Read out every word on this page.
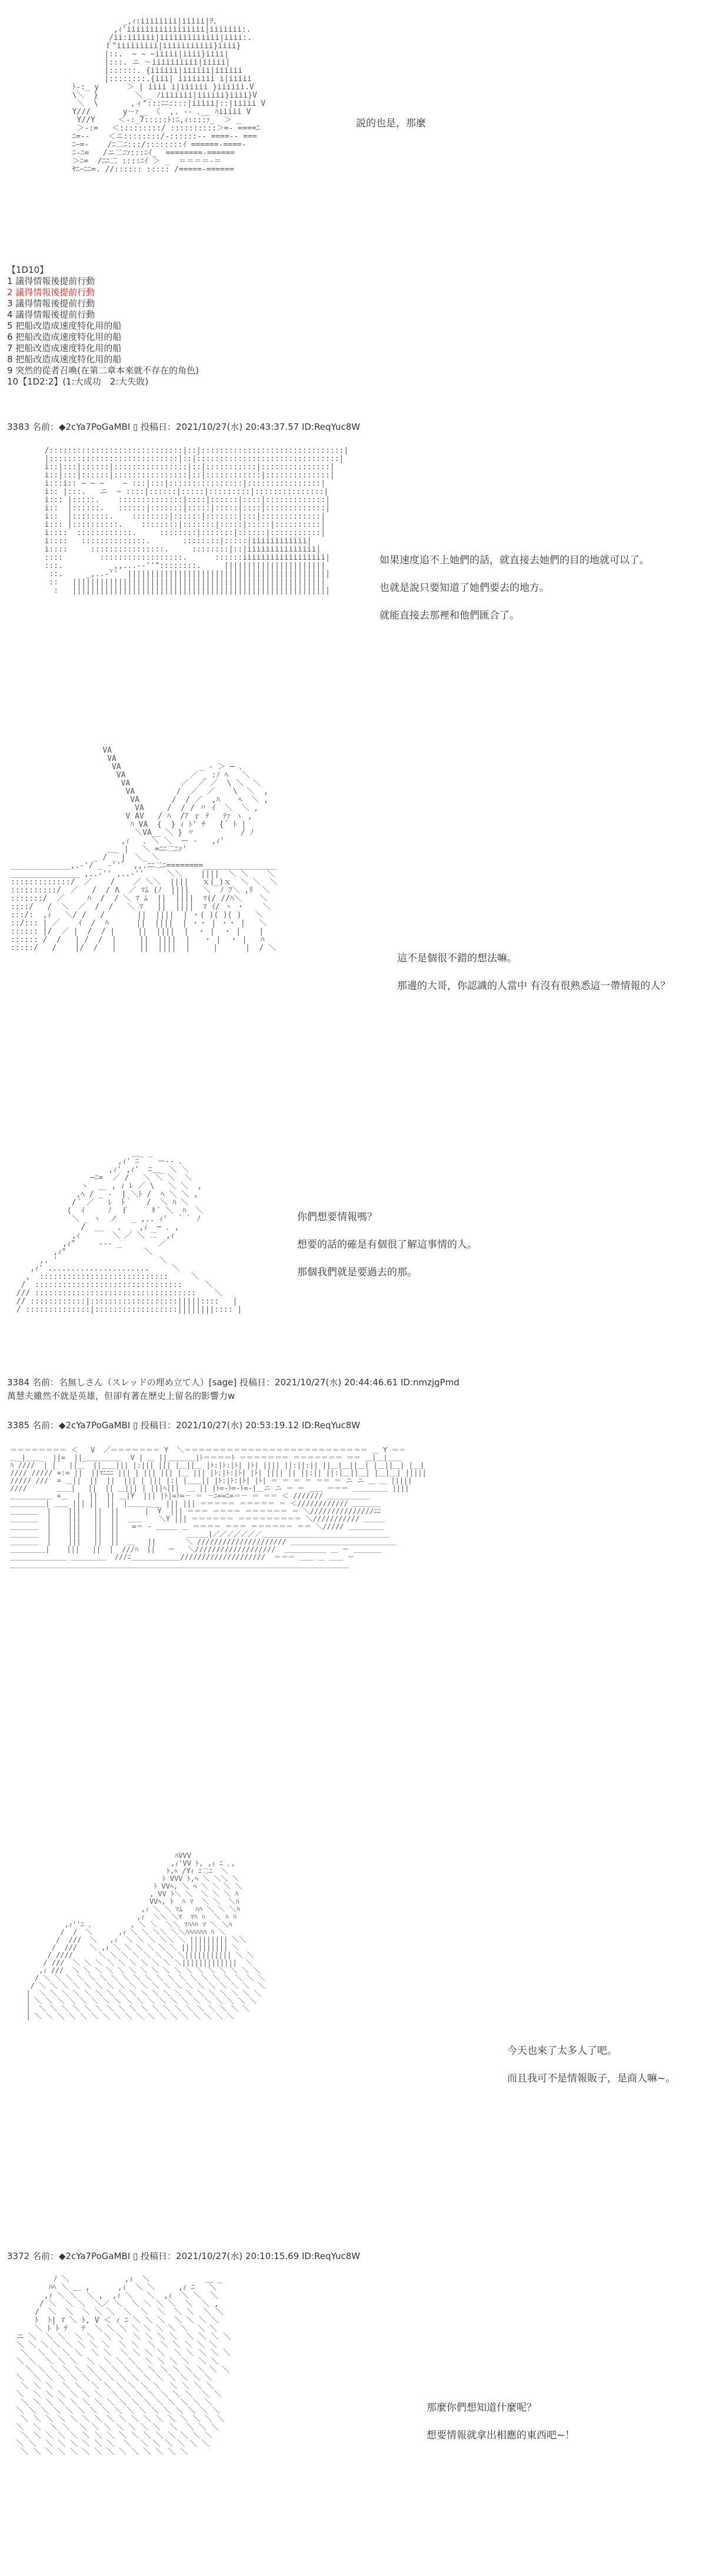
_,ｨ:iiiiiiii|iiiii|ｦ、
,ｨ'iiiiiiiiiiiiiiiii|iiiiiii:.
/ii:iiiiii|iiiiiiiiiiiii|iiii:.
ｆ"iiiiiiiii|iiiiiiiiiii}iiii}
|::.  ~ ~ ~iiiii|iiii}iiii|
|:::. ニ ～iiiiiiiiii|iiiii|
|::::::. {iiiiii|iiiiii|iiiiii
|::::::::.{iii| iiiiiiii i|iiiii
ﾄ-:_ y      ＞ | iiii i|iiiiii }iiiiii.V
\＼  }        ＼ _ ﾉiiiiiii|iiiiii}iiii}V
＼  \       ,ィ":::ﾆﾆ::::|iiiii|::|iiiii V
Y///       y－ｧ__ 《  ,. ‐- ､__ ﾊiiiii V
Y//Y     ＜-:_7:::::ﾄ:ﾆ,ｨ::::ｧ_  ＞ _
＞-:=   ＜:::::::::/ ::::::::::＞=- ====ﾆ
ﾆ=--    ＜ニ::::::::/-::::::-- ====-- ===
ﾆｰ=-    /ﾆ二ﾆ:::/::::::::ｲ ======-====-
ﾆ-ﾆ=   /ニ二ﾆｧ:::ﾆｲ_  ========-======
＞ﾆ=  /ﾆﾆ二 ::::ﾆｲ ＞ _  ＝＝＝＝-＝
ﾔﾆｰﾆﾆ=. //:::::: ::::: /=====-======

説的也是，那麼
【1D10】
1 議得情報後提前行動
2 議得情報後提前行動
3 議得情報後提前行動
4 議得情報後提前行動
5 把船改造成速度特化用的船
6 把船改造成速度特化用的船
7 把船改造成速度特化用的船
8 把船改造成速度特化用的船
9 突然的從者召喚(在第二章本來就不存在的角色)
10【1D2:2】(1:大成功　2:大失敗)
3383 名前：◆2cYa7PoGaMBI ▯ 投稿日：2021/10/27(水) 20:43:37.57 ID:ReqYuc8W
/:::::::::::::::::::::::::::::|::|:::::::::::::::::::::::::::::::|
|::::::::::::::::::::::::::::|::|:::::::::::::::::::::::::::::::|
i::|:::|::::::|::::::::::::::::|::|:::::::::::|:::::::::::::::|
i::|:::|::::::|::::::::::::::::|::|::::::::::::|::::::::::::::|
i:::i:: ~ ~ ~    ~ :::|:::|::::::::::::::::|::::::::::::::::|
i:: |:::.   ニ  ~ ::::|::::::|:::::|:::::::::|:::::::::::::::|
i::: |:::::.    ::::::::::::::|::::|::::::|::::|:::::::::::::|
i::  |::::::.   ::::::|:::::::|:::::|:::::|::::|:::::::::::::|
i::  |::::::::.    ::::::::|::::::|:::::::|:::|:::::::::::::|
i::: |::::::::::.    ::::::::|:::::::|:::::|:::::|::::::::::|
i::::  ::::::::::::.     ::::::::|:::::::|::::::|:::::::::::|
i::::   ::::::::::::::.       ::::::::|:::::|iiiiiiiiiiii|
i::::     ::::::::::::::::.     ::::::::|::|iiiiiiiiiiiiiii|
::::        ::::::::::::::::::.      ::::::iiiiiiiiiiiiiiiiii|
:::.          _,,...-‐''"::::::::.     ||||||||||||||||||||||
::.     _,..-''  ||||||||||||||||||||||||||||||||||||||||||||
::   |||||||||||||||||||||||||||||||||||||||||||||||||||||||
:   ||||||||||||||||||||||||||||||||||||||||||||||||||||||||

如果速度追不上她們的話，就直接去她們的目的地就可以了。
也就是說只要知道了她們要去的地方。
就能直接去那裡和他們匯合了。
VA
VA
VA                 _ - ＞ ─ ､
VA              ／ _ :ﾉ ﾍ   ＼
VA           ／  ／ ／  \ ＼  ＼
VA         /  ／  ／    \  ＼  ,
VA       /  / ／  ,ﾊ    ﾍ  ＼ ,
VA     /  / / 〃 ｲ  ＼  ＼ ,
V AV   / ﾊ  /ｱ ｒ ﾃ   ﾃｧ ヽ ,
ﾊ VA  {  } ｨ ﾄ' ﾁ   {´ ﾄ |
＼VA__ ＼ } 〃          / ﾉ
,ｨ   ､ ＼ ＼  ー -   ,ｨ'
＿_ |   ＼ =ﾆﾆ二ﾆｧ'
_ / _ |  ＼_ ＼
_____________,.‐'/ _ -''゛ ,,.ﾆﾆ二ﾆ========________________
_______________ ,..-'' ,..-''     ＼＼    ||||  ＼ ＼    ＼
:::::::::::::/  ／    /    ／ ＼＼  ||||   ｘ(_)ｘ  ＼ ＼  ＼
::::::::::/  ／   /  / Λ  ／ ﾏﾑ (ﾉ  ||||   ＼  ﾉ ﾌ＼ ,ﾘ  ＼
:::::::/  ／     ﾊ  /  / ＼ ﾏ ﾑ  ||  ||||  ﾏ(/ //ﾊ＼    ＼
::::/   /  ＼  ／  /  /   ＼ ﾏ   ||  ||||  ﾏ ｲ/ ヽ ・    ＼
:::/:  ,ｨ   ＼/ /   /       ||  ||||  | ・( )( )( )   ＼
::/::: | ／    ｲ  /  ﾊ      ||  ||||  | ・・ | ・・ |   ＼
:::::: |/  ／ |  /  / |     ||  ||||  |  ・ |  ・ |    |
:::::: /  /   | /  /  |     ||  ||||  |   ・ |  ・ |   ﾊ
:::::/   /    |/  /   |     ||  ||||  |     |      |  / ＼

這不是個很不錯的想法嘛。
那邊的大哥，你認識的人當中 有沒有很熟悉這一帶情報的人？
＿_ _
,ｨ' ﾆ    ー‐- ､
,ｨ' ,ｨ'  ﾆ＿_ ＼ ＼
─ﾆ=  ／ /   ＼ ＼ ＼  ＼
ヽ  __ , ｨ ﾚ ／ \   ＼ ＼  ,
,ﾍ / _ ‐  | ＼ﾄ /  ﾍ ＼ ＼ ,
/ ﾟ ／   ﾚ  ﾄ｀   /  ＼ ﾊ ＼
(  ｲ     ﾉ  ｆ     ﾀ ﾞ ＼  ﾊ  ＼
＼ _ ヽ  ノ   _ ,.. ｨ'  ｀｀ ﾉ
/  __   、   ,ｨ  ─ ､ ,
,ｨ       ＼ ／ ＼ 二  ,ｨ
,ｨ"     --- _        ／
,ｨ"                 ＼
,. '                      ＼
,ｨ' ......................     ＼
,  ::::::::::::::::::::::::::::     ＼
/  ::::::::::::::::::::::::::::::::     ＼
/// :::::::::::::::::::::::::::::::::::    ＼
// ::::::::::::|:::::::::::::::::::|||||::::   |
/ ::::::::::::::|::::::::::::::::::||||||||:::: |

你們想要情報嗎？
想要的話的確是有個很了解這事情的人。
那個我們就是要過去的那。
3384 名前：名無しさん（スレッドの埋め立て人）[sage] 投稿日：2021/10/27(水) 20:44:46.61 ID:nmzjgPmd
萬慧夫雖然不就是英雄，但卻有著在歷史上留名的影響力w
3385 名前：◆2cYa7PoGaMBI ▯ 投稿日：2021/10/27(水) 20:53:19.12 ID:ReqYuc8W
＝＝＝＝＝＝＝＝ ＜   V  ／＝＝＝＝＝＝＝ Y  ＼＝＝＝＝＝＝＝＝＝＝＝＝＝＝＝＝＝＝＝＝＝＝＝＝＝＝ ＿ Y ＝＝
＿_|＿＿_  ||=  ||_＿＿＿＿＿  V | ＿ ||＿＿＿＿|ﾄ＝＝＝＝ﾄ ＝＝＝＝＝＝＝ ＝＝＝＝＝＝＝ ＝＝ ＿|＿|＿＿
ﾊ ////  | |   ||＿  ||＿＿||| |:||| |[| |＿||＿ |ﾄ:|ﾄ:|ﾄ| |ﾄ| |||| ||:||:|| ||＿|＿||＿| |＿||＿| |＿|
//// ///// =:= ||  ||ﾏﾆﾆﾆ ||| | ||| |[| |＿ ||| |ﾄ:|ﾄ:|ﾄ| |ﾄ| |||| || ||:|| ||:|＿||＿| |＿|＿| |||||
///// ///  = ＿||  ||  ||  ||| | ||| |:| |＿＿|| |ﾄ:|ﾄ:|ﾄ| |ﾄ| ＝ ＝ ＝ ＝ ＝＝ ＝ ニ ニ ＿ ＿ |||||
////       ＿＿|   ||  || ＿||| | |||ﾍ|[|  ＿ || |ﾄ=-ﾄ=-ﾄ=-|＿ニ ニ ＝ ＝ ＿＿ ＝＝＝ ＿＿＿＿＿ ||||
＿＿＿＿＿＿ =＿  |  ||  || ＿|Y  ||| |ﾄ|=ﾄ=－ ＝ －ﾆ==ﾆ=＝－ ＝ ＝＝ ＜ /////// ＿＿＿＿＿＿
＿＿＿＿＿| ＿＿ ||| ||  ||  |＿＿＿___ ||| ||| ＝＝＝＝＝ ＝＝＝＝＝ ＝ ＜//////////// ＿＿＿＿
＿＿＿＿  |    |||   ||  ||      |  Y  ||| ＝＝＝ ＝＝＝＝ ＝＝＝＝＝＝ ＝ ＼///////////////ﾆﾆ
＿＿＿＿  |    |||   ||  ||  ＿＿    ＼Y ||| ＝＝＝＝＝＝ ＝＝＝＝＝＝＝＝＝ ＼/////////// ＿＿＿
＿＿＿＿  |    |||   ||  ||   =＝ - ＿＿＿ ＿ ＝＝＝＝ ＝＝＝ ＝＝＝＝＝＝ ＝＝ ＼///// ＿＿＿＿＿
＿＿＿＿  |    |||   ||  ||                ＿＿＿|／／／／／／／＿＿＿＿＿＿＿＿＿＿＿＿＿＿＿＿＿＿
＿＿＿＿  |    |||   ||  ||  ＿   ||       ＼ ///////////////////// ＿＿＿＿＿＿＿＿＿＿＿＿＿＿＿
＿＿＿＿＿|    |||   ||  |  ///ﾊ  ||   ＝   ＼///////////////////  ＿＿＿＿＿＿ ＿ ＝ ＿＿＿＿
＿＿＿＿＿＿＿＿ ＿＿＿＿＿  ///ﾆ＿＿＿＿＿＿＿////////////////////  ＝＝＝ ＿＿ ＿ ＿＿ ＝
＿＿＿＿＿＿＿＿＿＿＿＿＿＿＿＿＿＿＿＿＿＿＿＿＿＿＿＿＿＿＿＿＿＿＿＿＿＿＿＿＿＿＿＿＿＿＿＿

ﾊVVV
,ｨ'VV ﾄ, ,ｨ ﾆ ､,
ﾄ,ﾍ /Yｨ ﾆ二ﾆ  ＼
ﾄ VVV ﾄ,ﾍ ＼ ＼＼ ＼
ﾄ VVﾍ, ＼ ﾍ ＼ ＼ ＼ ＼
, VV ﾄ＼ ＼  ＼ ＼ ＼ ﾊ
VVﾍ, ﾄ  ﾊ ﾏ  ＼ ＼  ＼ﾊ
,ｨ ＼ ＼ ﾏﾑ   ﾊﾊ ＼ ＼ ＼ﾊ
,ｨ  ＼＼ ＼ﾏ  ﾏﾊ ﾊ  ＼ ﾊ ﾊ
,ｨ''ﾆ ､         , ＼ ＼  ＼＼ ﾏﾊﾊﾊ ﾏ ＼ ＼ﾊ
/  /  ＼      ,ｨ ＼ ＼ ＼＼ ＼＼ﾊﾊﾊﾊﾊﾊ ﾊ ＼
/  ///  ＼   ,ｨ  ＼ ＼ ＼ ＼＼ ＼ ||||||||| ＼＼
/  ///   ＼ ,ｨ ＼ ＼ ＼ ＼ ＼ ＼ ||||||||||| ＼
/ ////      ＼ ＼ ＼ ＼ ＼ ＼ ＼ ＼||||||||||| ＼ ＼
/ ///  ＼ ＼ ＼ ＼ ＼ ＼ ＼ ＼ ＼ ＼|||||||||||||  ＼
,ｨ ///  ＼ ＼ ＼ ＼ ＼ ＼ ＼ ＼ ＼ ＼ ＼ ＼ ＼ ＼ ＼ ＼ ＼
/ ＼ ＼ ＼ ＼ ＼ ＼ ＼ ＼ ＼ ＼ ＼ ＼ ＼ ＼ ＼ ＼ ＼ ＼ ＼ ＼
/ ＼ ＼ ＼ ＼ ＼ ＼ ＼ ＼ ＼ ＼ ＼ ＼ ＼ ＼ ＼ ＼ ＼ ＼ ＼  ＼
|  ＼ ＼ ＼ ＼ ＼ ＼ ＼ ＼ ＼ ＼ ＼ ＼ ＼ ＼ ＼ ＼ ＼ ＼ ＼ ＼
| ＼ ＼ ＼ ＼ ＼ ＼ ＼ ＼ ＼ ＼ ＼ ＼ ＼ ＼ ＼ ＼ ＼ ＼ ＼ ＼
|  ＼ ＼ ＼ ＼ ＼ ＼ ＼ ＼ ＼ ＼ ＼ ＼ ＼ ＼ ＼ ＼ ＼ ＼ ＼
| ＼ ＼ ＼ ＼ ＼ ＼ ＼ ＼ ＼ ＼ ＼ ＼ ＼ ＼ ＼ ＼ ＼ ＼

今天也來了太多人了吧。
而且我可不是情報販子，是商人嘛~。
3372 名前：◆2cYa7PoGaMBI ▯ 投稿日：2021/10/27(水) 20:10:15.69 ID:ReqYuc8W
ﾉ ＼            ,ｨ  ＼            ＿ _
ﾊﾍ ＼ ＿ ,      ,ｨ  ＼ ＼     ,ｨ ﾆ   ＼
,ｨ ＼ ＼  ＼ ,  ,ｨ ＼   ＼  ,ｨ  ＼ ＼  ＼
/ ＼  ＼ ＼  ＼／ ＼  ＼ ＼ ＼ ＼  ＼  ＼ ,
/  ＼  ＼  ＼ ＼ ＼  ＼  ＼  ＼  ＼ ＼  ＼ ＼
ﾄ  ﾄ| ﾏ ＼ ﾄ, V ＜ ｨ ﾆ ＼ ＼ ＼  ＼ ＼ ＼ ＼
＼ ﾄ ﾄ ﾃ   ﾃ  ＼ ＼ ＼ ＼ ＼ ＼ ＼ ＼  ＼ ＼
ニ ＼  ＼ ＼  ＼ ＼  ＼ ＼  ＼ ＼ ＼ ＼  ＼ ＼ ＼ ＼
＼ ＼ ＼ ＼ ＼ ＼ ＼ ＼  ＼ ＼  ＼ ＼ ＼ ＼ ＼ ＼
＼  ＼ ＼ ＼ ＼  ＼ ＼  ＼ ＼ ＼ ＼  ＼ ＼ ＼ ＼ ＼
＼ ＼  ＼ ＼ ＼  ＼  ＼ ＼ ＼  ＼ ＼ ＼ ＼  ＼ ＼
＼ ＼ ＼ ＼ ＼ ＼ ＼ ＼ ＼ ＼ ＼ ＼ ＼ ＼ ＼ ＼ ＼
＼  ＼ ＼ ＼ ＼ ＼ ＼ ＼ ＼ ＼ ＼ ＼ ＼ ＼ ＼ ＼
＼ ＼ ＼  ＼ ＼  ＼ ＼ ＼ ＼ ＼ ＼  ＼ ＼ ＼ ＼
＼  ＼ ＼ ＼ ＼ ＼ ＼  ＼ ＼ ＼ ＼ ＼ ＼ ＼  ＼ ＼
＼ ＼ ＼ ＼ ＼ ＼ ＼ ＼ ＼ ＼ ＼ ＼ ＼ ＼ ＼ ＼
＼ ＼ ＼ ＼ ＼ ＼ ＼ ＼ ＼ ＼ ＼ ＼ ＼ ＼ ＼ ＼ ＼
＼ ＼ ＼ ＼ ＼ ＼ ＼ ＼ ＼ ＼ ＼ ＼ ＼ ＼ ＼ ＼ ＼
＼  ＼  ＼ ＼  ＼ ＼ ＼ ＼ ＼ ＼ ＼  ＼  ＼ ＼ ＼
＼ ＼ ＼ ＼ ＼ ＼ ＼ ＼ ＼ ＼ ＼ ＼ ＼ ＼ ＼ ＼
＼ ＼  ＼ ＼ ＼ ＼ ＼ ＼  ＼  ＼ ＼ ＼ ＼ ＼ ＼
＼ ＼ ＼ ＼ ＼ ＼ ＼ ＼ ＼ ＼ ＼ ＼ ＼ ＼

那麼你們想知道什麼呢？
想要情報就拿出相應的東西吧~！
